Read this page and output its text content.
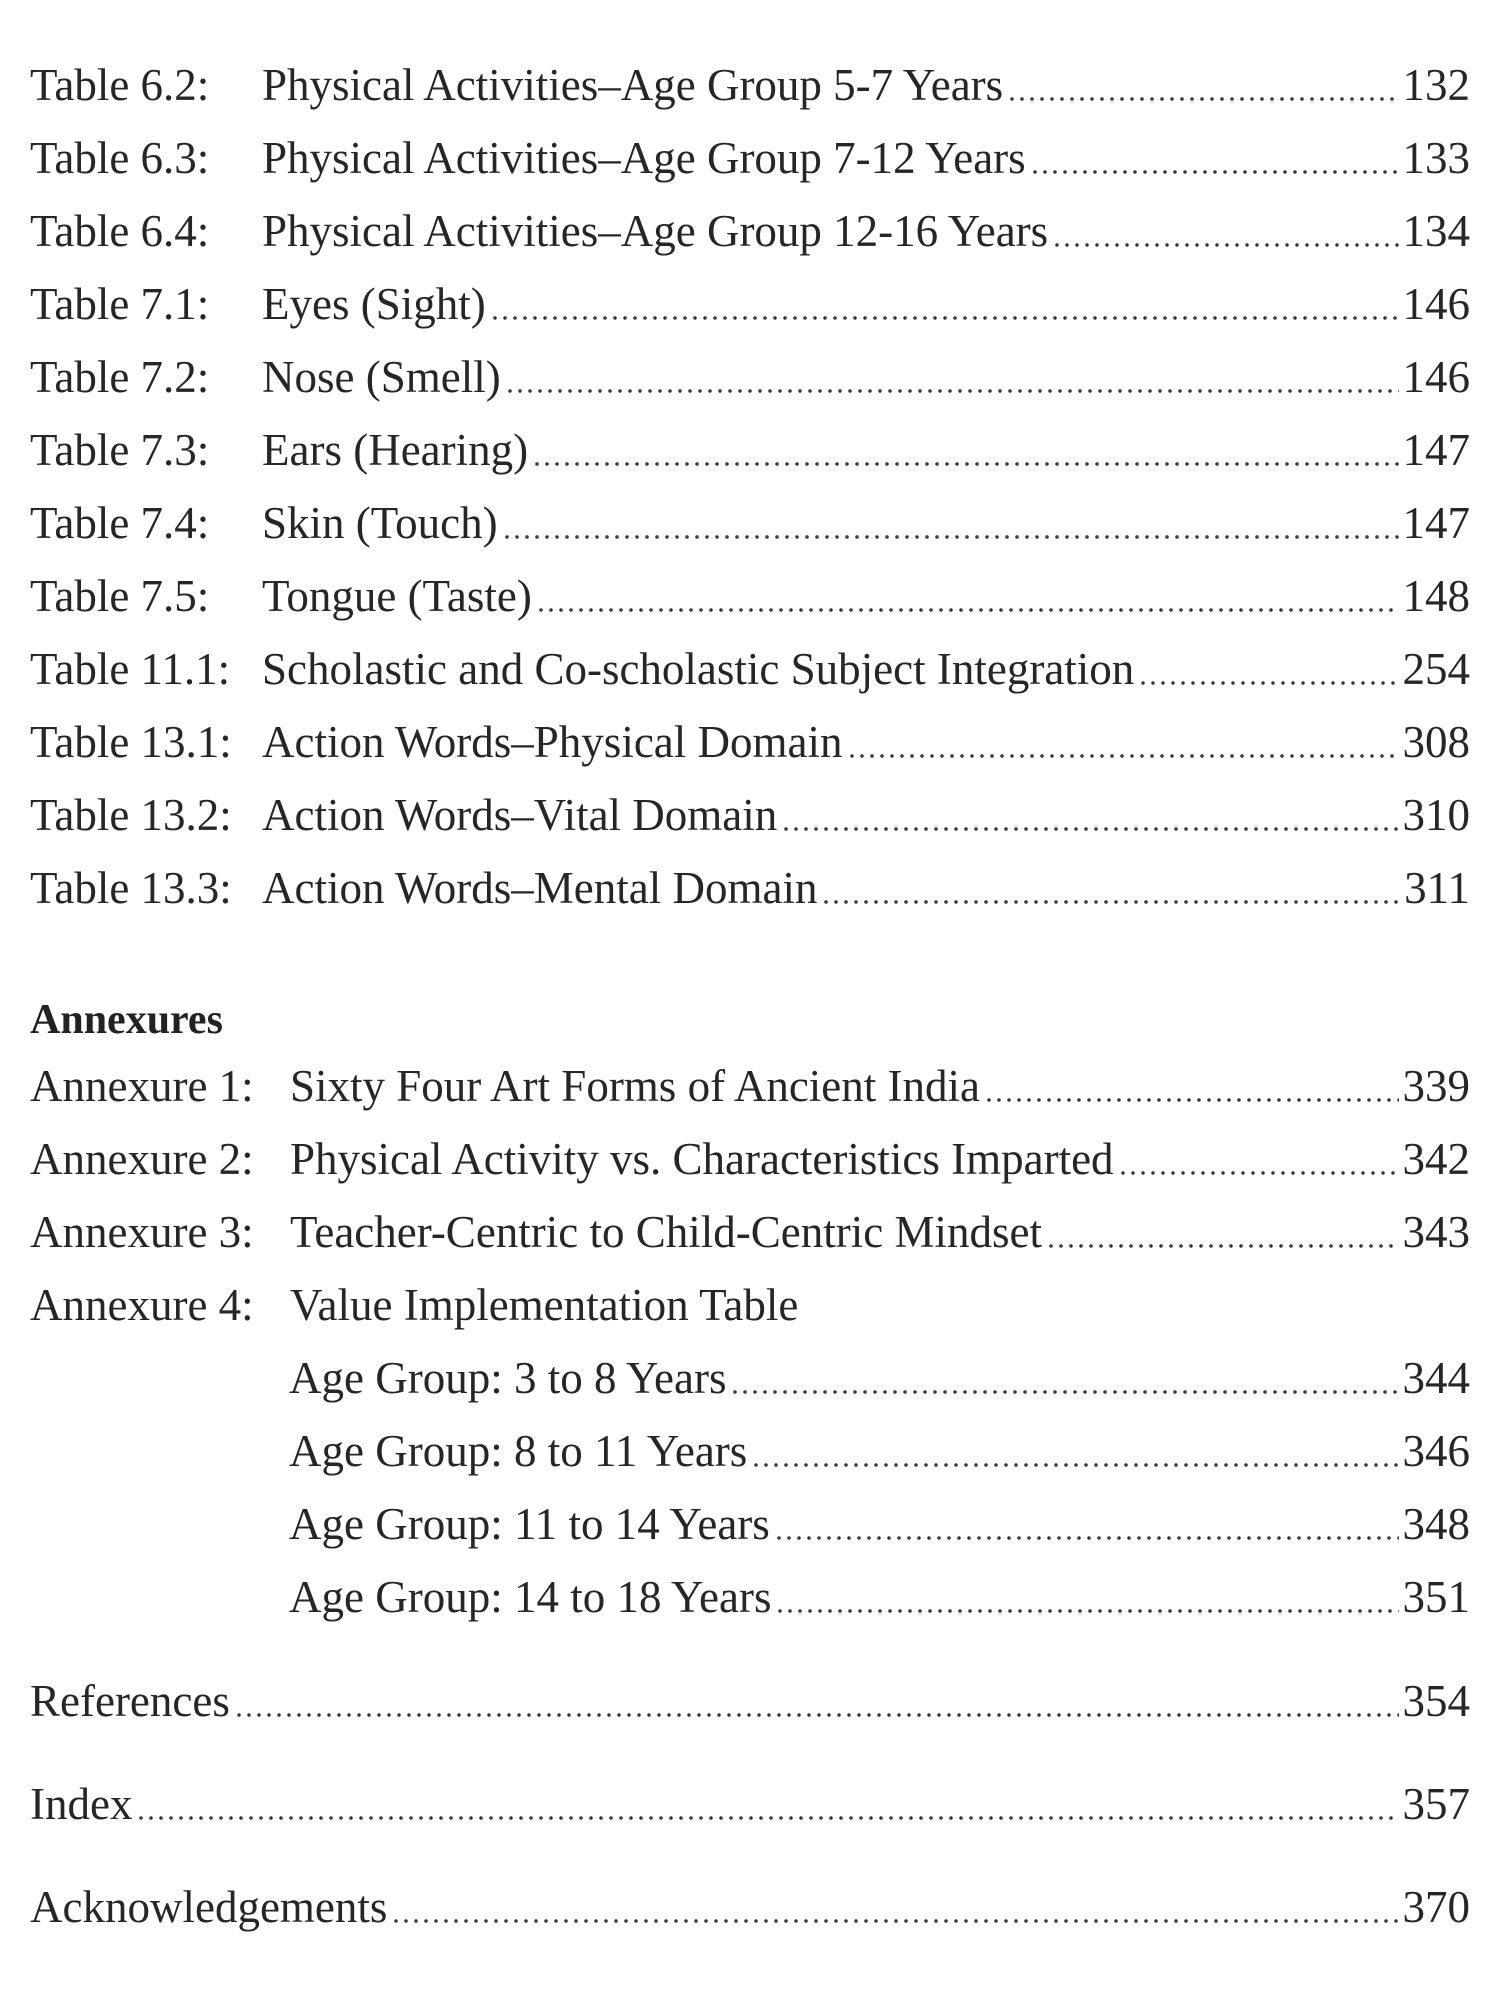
Table 6.2:	Physical Activities–Age Group 5-7 Years	132
Table 6.3:	Physical Activities–Age Group 7-12 Years	133
Table 6.4:	Physical Activities–Age Group 12-16 Years	134
Table 7.1:	Eyes (Sight)	146
Table 7.2:	Nose (Smell)	146
Table 7.3:	Ears (Hearing)	147
Table 7.4:	Skin (Touch)	147
Table 7.5:	Tongue (Taste)	148
Table 11.1: Scholastic and Co-scholastic Subject Integration	254
Table 13.1: Action Words–Physical Domain	308
Table 13.2: Action Words–Vital Domain	310
Table 13.3: Action Words–Mental Domain	311
Annexures
Annexure 1: Sixty Four Art Forms of Ancient India	339
Annexure 2: Physical Activity vs. Characteristics Imparted	342
Annexure 3: Teacher-Centric to Child-Centric Mindset	343
Annexure 4: Value Implementation Table
Age Group: 3 to 8 Years	344
Age Group: 8 to 11 Years	346
Age Group: 11 to 14 Years	348
Age Group: 14 to 18 Years	351
References	354
Index	357
Acknowledgements	370
